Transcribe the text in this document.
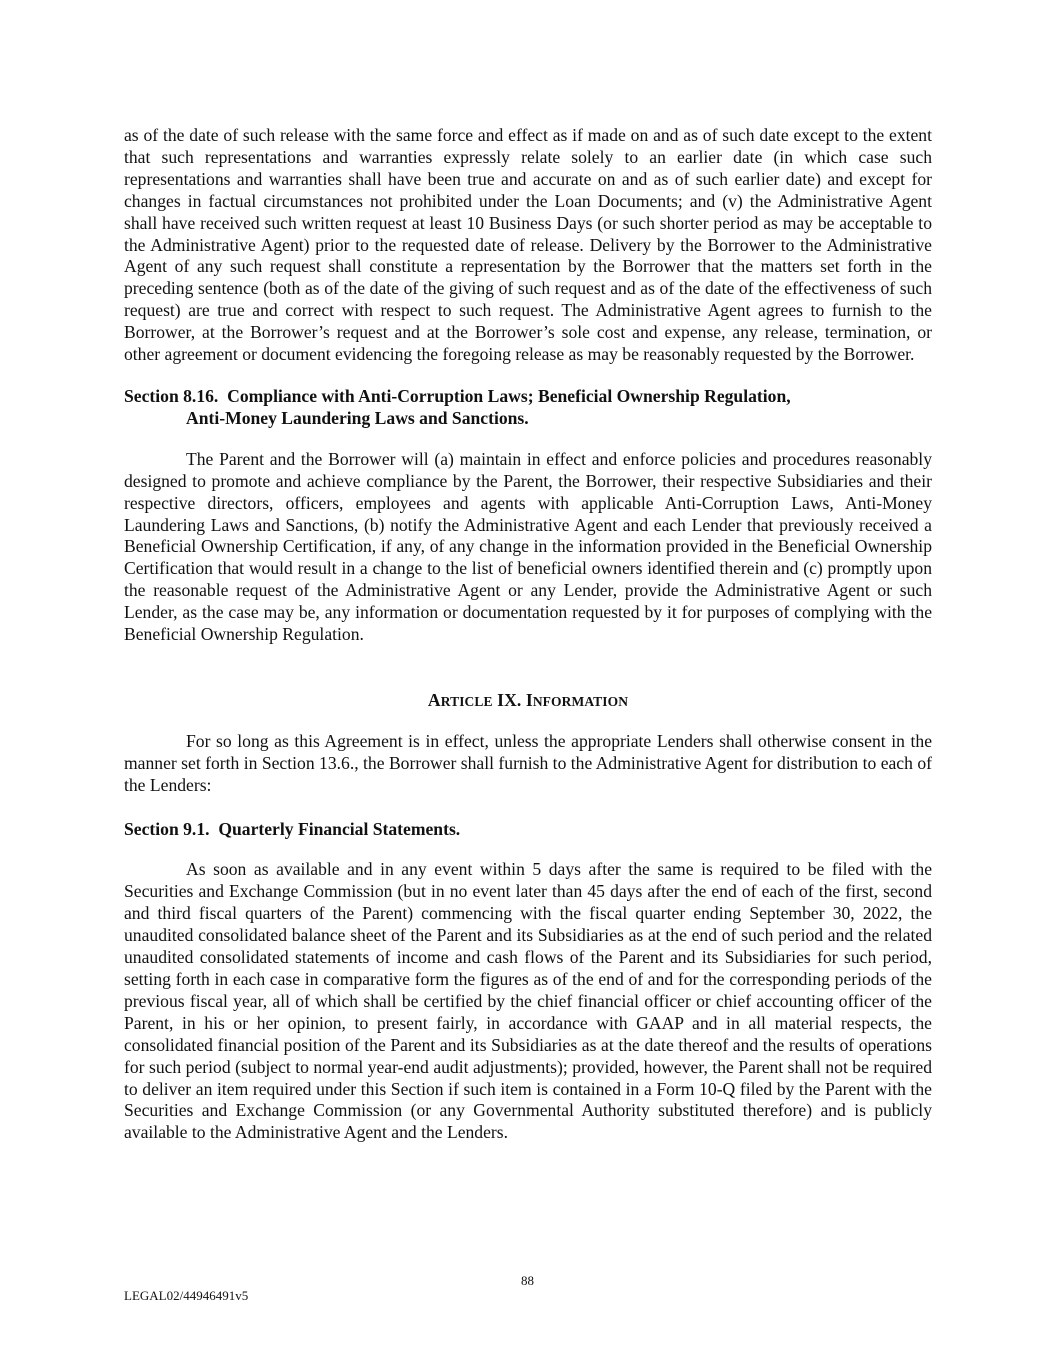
as of the date of such release with the same force and effect as if made on and as of such date except to the extent that such representations and warranties expressly relate solely to an earlier date (in which case such representations and warranties shall have been true and accurate on and as of such earlier date) and except for changes in factual circumstances not prohibited under the Loan Documents; and (v) the Administrative Agent shall have received such written request at least 10 Business Days (or such shorter period as may be acceptable to the Administrative Agent) prior to the requested date of release. Delivery by the Borrower to the Administrative Agent of any such request shall constitute a representation by the Borrower that the matters set forth in the preceding sentence (both as of the date of the giving of such request and as of the date of the effectiveness of such request) are true and correct with respect to such request. The Administrative Agent agrees to furnish to the Borrower, at the Borrower’s request and at the Borrower’s sole cost and expense, any release, termination, or other agreement or document evidencing the foregoing release as may be reasonably requested by the Borrower.

Section 8.16. Compliance with Anti-Corruption Laws; Beneficial Ownership Regulation,
Anti-Money Laundering Laws and Sanctions.

The Parent and the Borrower will (a) maintain in effect and enforce policies and procedures reasonably designed to promote and achieve compliance by the Parent, the Borrower, their respective Subsidiaries and their respective directors, officers, employees and agents with applicable Anti-Corruption Laws, Anti-Money Laundering Laws and Sanctions, (b) notify the Administrative Agent and each Lender that previously received a Beneficial Ownership Certification, if any, of any change in the information provided in the Beneficial Ownership Certification that would result in a change to the list of beneficial owners identified therein and (c) promptly upon the reasonable request of the Administrative Agent or any Lender, provide the Administrative Agent or such Lender, as the case may be, any information or documentation requested by it for purposes of complying with the Beneficial Ownership Regulation.

ARTICLE IX. INFORMATION

For so long as this Agreement is in effect, unless the appropriate Lenders shall otherwise consent in the manner set forth in Section 13.6., the Borrower shall furnish to the Administrative Agent for distribution to each of the Lenders:

Section 9.1.  Quarterly Financial Statements.

As soon as available and in any event within 5 days after the same is required to be filed with the Securities and Exchange Commission (but in no event later than 45 days after the end of each of the first, second and third fiscal quarters of the Parent) commencing with the fiscal quarter ending September 30, 2022, the unaudited consolidated balance sheet of the Parent and its Subsidiaries as at the end of such period and the related unaudited consolidated statements of income and cash flows of the Parent and its Subsidiaries for such period, setting forth in each case in comparative form the figures as of the end of and for the corresponding periods of the previous fiscal year, all of which shall be certified by the chief financial officer or chief accounting officer of the Parent, in his or her opinion, to present fairly, in accordance with GAAP and in all material respects, the consolidated financial position of the Parent and its Subsidiaries as at the date thereof and the results of operations for such period (subject to normal year-end audit adjustments); provided, however, the Parent shall not be required to deliver an item required under this Section if such item is contained in a Form 10-Q filed by the Parent with the Securities and Exchange Commission (or any Governmental Authority substituted therefore) and is publicly available to the Administrative Agent and the Lenders.

88
LEGAL02/44946491v5
